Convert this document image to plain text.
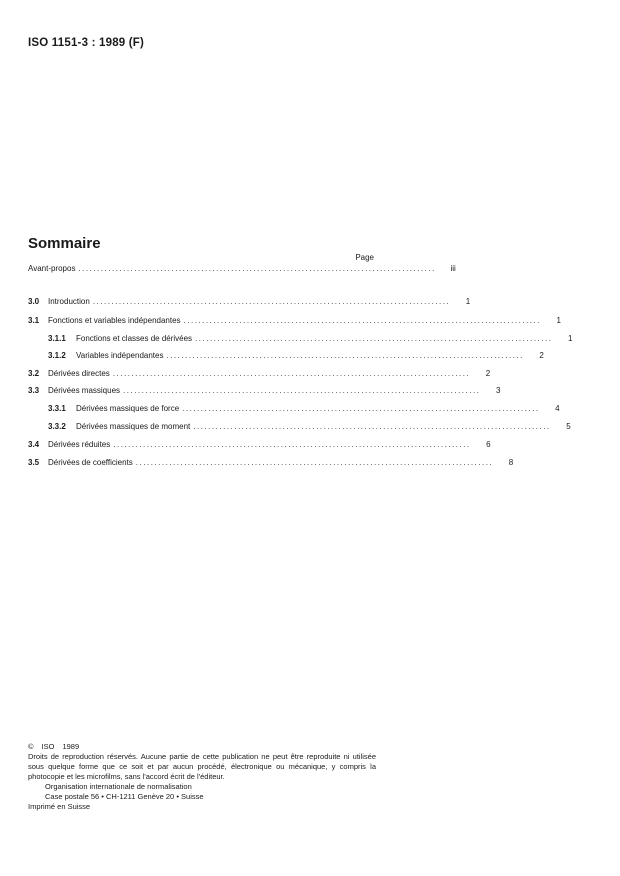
ISO 1151-3 : 1989 (F)
Sommaire
Page
Avant-propos ................................................................................................	iii
3.0	Introduction ................................................................................................	1
3.1	Fonctions et variables indépendantes ................................................................................................	1
3.1.1	Fonctions et classes de dérivées ................................................................................................	1
3.1.2	Variables indépendantes ................................................................................................	2
3.2	Dérivées directes ................................................................................................	2
3.3	Dérivées massiques ................................................................................................	3
3.3.1	Dérivées massiques de force ................................................................................................	4
3.3.2	Dérivées massiques de moment ................................................................................................	5
3.4	Dérivées réduites ................................................................................................	6
3.5	Dérivées de coefficients ................................................................................................	8
© ISO 1989
Droits de reproduction réservés. Aucune partie de cette publication ne peut être reproduite ni utilisée sous quelque forme que ce soit et par aucun procédé, électronique ou mécanique, y compris la photocopie et les microfilms, sans l'accord écrit de l'éditeur.
Organisation internationale de normalisation
Case postale 56 • CH-1211 Genève 20 • Suisse
Imprimé en Suisse
